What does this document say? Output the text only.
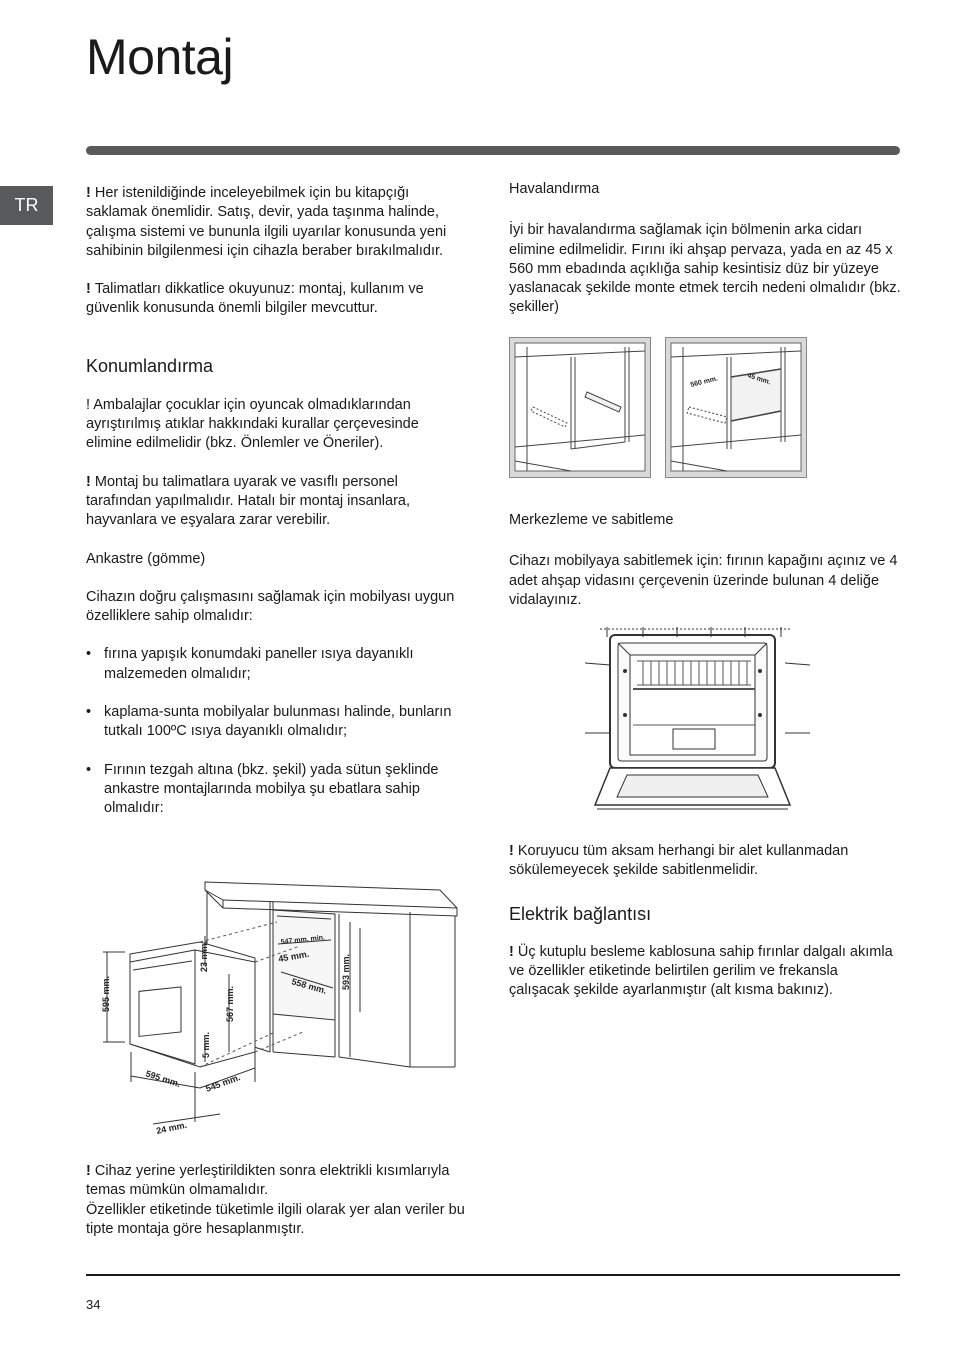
Montaj
TR

! Her istenildiğinde inceleyebilmek için bu kitapçığı saklamak önemlidir. Satış, devir, yada taşınma halinde, çalışma sistemi ve bununla ilgili uyarılar konusunda yeni sahibinin bilgilenmesi için cihazla beraber bırakılmalıdır.

! Talimatları dikkatlice okuyunuz: montaj, kullanım ve güvenlik konusunda önemli bilgiler mevcuttur.

Konumlandırma

! Ambalajlar çocuklar için oyuncak olmadıklarından ayrıştırılmış atıklar hakkındaki kurallar çerçevesinde elimine edilmelidir (bkz. Önlemler ve Öneriler).

! Montaj bu talimatlara uyarak ve vasıflı personel tarafından yapılmalıdır. Hatalı bir montaj insanlara, hayvanlara ve eşyalara zarar verebilir.

Ankastre (gömme)

Cihazın doğru çalışmasını sağlamak için mobilyası uygun özelliklere sahip olmalıdır:

• fırına yapışık konumdaki paneller ısıya dayanıklı malzemeden olmalıdır;
• kaplama-sunta mobilyalar bulunması halinde, bunların tutkalı 100ºC ısıya dayanıklı olmalıdır;
• Fırının tezgah altına (bkz. şekil) yada sütun şeklinde ankastre montajlarında mobilya şu ebatlara sahip olmalıdır:
595 mm.
23 mm.
567 mm.
5 mm.
547 mm. min.
45 mm.
558 mm. 593 mm.
595 mm.	545 mm.
24 mm.

! Cihaz yerine yerleştirildikten sonra elektrikli kısımlarıyla temas mümkün olmamalıdır.

Özellikler etiketinde tüketimle ilgili olarak yer alan veriler bu tipte montaja göre hesaplanmıştır.

Havalandırma

İyi bir havalandırma sağlamak için bölmenin arka cidarı elimine edilmelidir. Fırını iki ahşap pervaza, yada en az 45 x 560 mm ebadında açıklığa sahip kesintisiz düz bir yüzeye yaslanacak şekilde monte etmek tercih nedeni olmalıdır (bkz. şekiller)

560 mm.	45 mm.

Merkezleme ve sabitleme

Cihazı mobilyaya sabitlemek için: fırının kapağını açınız ve 4 adet ahşap vidasını çerçevenin üzerinde bulunan 4 deliğe vidalayınız.

! Koruyucu tüm aksam herhangi bir alet kullanmadan sökülemeyecek şekilde sabitlenmelidir.

Elektrik bağlantısı

! Üç kutuplu besleme kablosuna sahip fırınlar dalgalı akımla ve özellikler etiketinde belirtilen gerilim ve frekansla çalışacak şekilde ayarlanmıştır (alt kısma bakınız).

34
